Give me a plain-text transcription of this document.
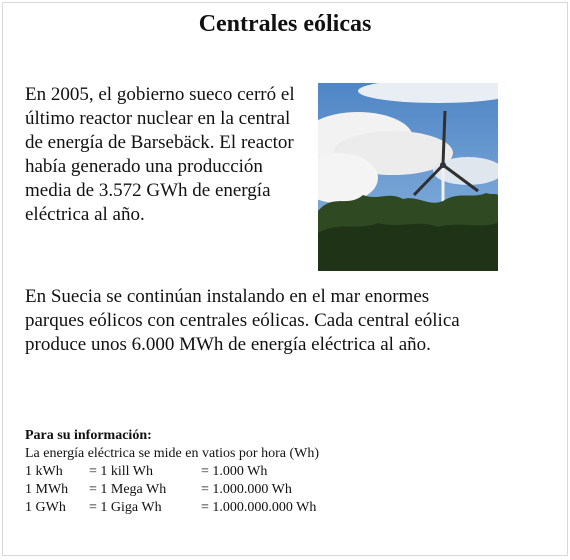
Centrales eólicas

En 2005, el gobierno sueco cerró el último reactor nuclear en la central de energía de Barsebäck. El reactor había generado una producción media de 3.572 GWh de energía eléctrica al año.

En Suecia se continúan instalando en el mar enormes parques eólicos con centrales eólicas. Cada central eólica produce unos 6.000 MWh de energía eléctrica al año.

Para su información:
La energía eléctrica se mide en vatios por hora (Wh)
1 kWh	= 1 kill Wh	= 1.000 Wh
1 MWh	= 1 Mega Wh	= 1.000.000 Wh
1 GWh	= 1 Giga Wh	= 1.000.000.000 Wh
